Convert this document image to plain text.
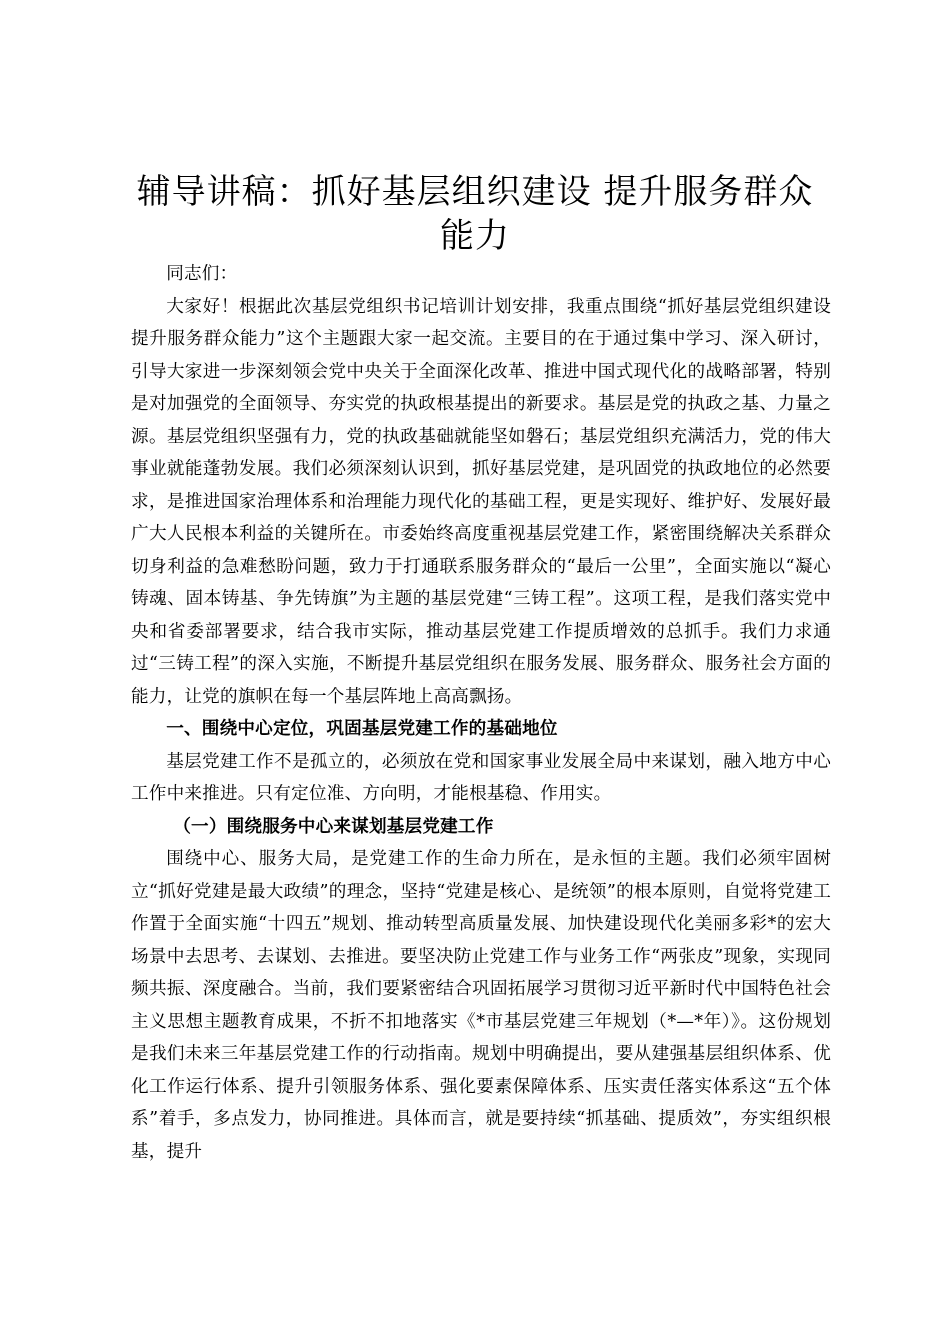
辅导讲稿：抓好基层组织建设 提升服务群众
能力

同志们：

大家好！根据此次基层党组织书记培训计划安排，我重点围绕“抓好基层党组织建设提升服务群众能力”这个主题跟大家一起交流。主要目的在于通过集中学习、深入研讨，引导大家进一步深刻领会党中央关于全面深化改革、推进中国式现代化的战略部署，特别是对加强党的全面领导、夯实党的执政根基提出的新要求。基层是党的执政之基、力量之源。基层党组织坚强有力，党的执政基础就能坚如磐石；基层党组织充满活力，党的伟大事业就能蓬勃发展。我们必须深刻认识到，抓好基层党建，是巩固党的执政地位的必然要求，是推进国家治理体系和治理能力现代化的基础工程，更是实现好、维护好、发展好最广大人民根本利益的关键所在。市委始终高度重视基层党建工作，紧密围绕解决关系群众切身利益的急难愁盼问题，致力于打通联系服务群众的“最后一公里”，全面实施以“凝心铸魂、固本铸基、争先铸旗”为主题的基层党建“三铸工程”。这项工程，是我们落实党中央和省委部署要求，结合我市实际，推动基层党建工作提质增效的总抓手。我们力求通过“三铸工程”的深入实施，不断提升基层党组织在服务发展、服务群众、服务社会方面的能力，让党的旗帜在每一个基层阵地上高高飘扬。

一、围绕中心定位，巩固基层党建工作的基础地位

基层党建工作不是孤立的，必须放在党和国家事业发展全局中来谋划，融入地方中心工作中来推进。只有定位准、方向明，才能根基稳、作用实。

（一）围绕服务中心来谋划基层党建工作

围绕中心、服务大局，是党建工作的生命力所在，是永恒的主题。我们必须牢固树立“抓好党建是最大政绩”的理念，坚持“党建是核心、是统领”的根本原则，自觉将党建工作置于全面实施“十四五”规划、推动转型高质量发展、加快建设现代化美丽多彩*的宏大场景中去思考、去谋划、去推进。要坚决防止党建工作与业务工作“两张皮”现象，实现同频共振、深度融合。当前，我们要紧密结合巩固拓展学习贯彻习近平新时代中国特色社会主义思想主题教育成果，不折不扣地落实《*市基层党建三年规划（*—*年）》。这份规划是我们未来三年基层党建工作的行动指南。规划中明确提出，要从建强基层组织体系、优化工作运行体系、提升引领服务体系、强化要素保障体系、压实责任落实体系这“五个体系”着手，多点发力，协同推进。具体而言，就是要持续“抓基础、提质效”，夯实组织根基，提升
